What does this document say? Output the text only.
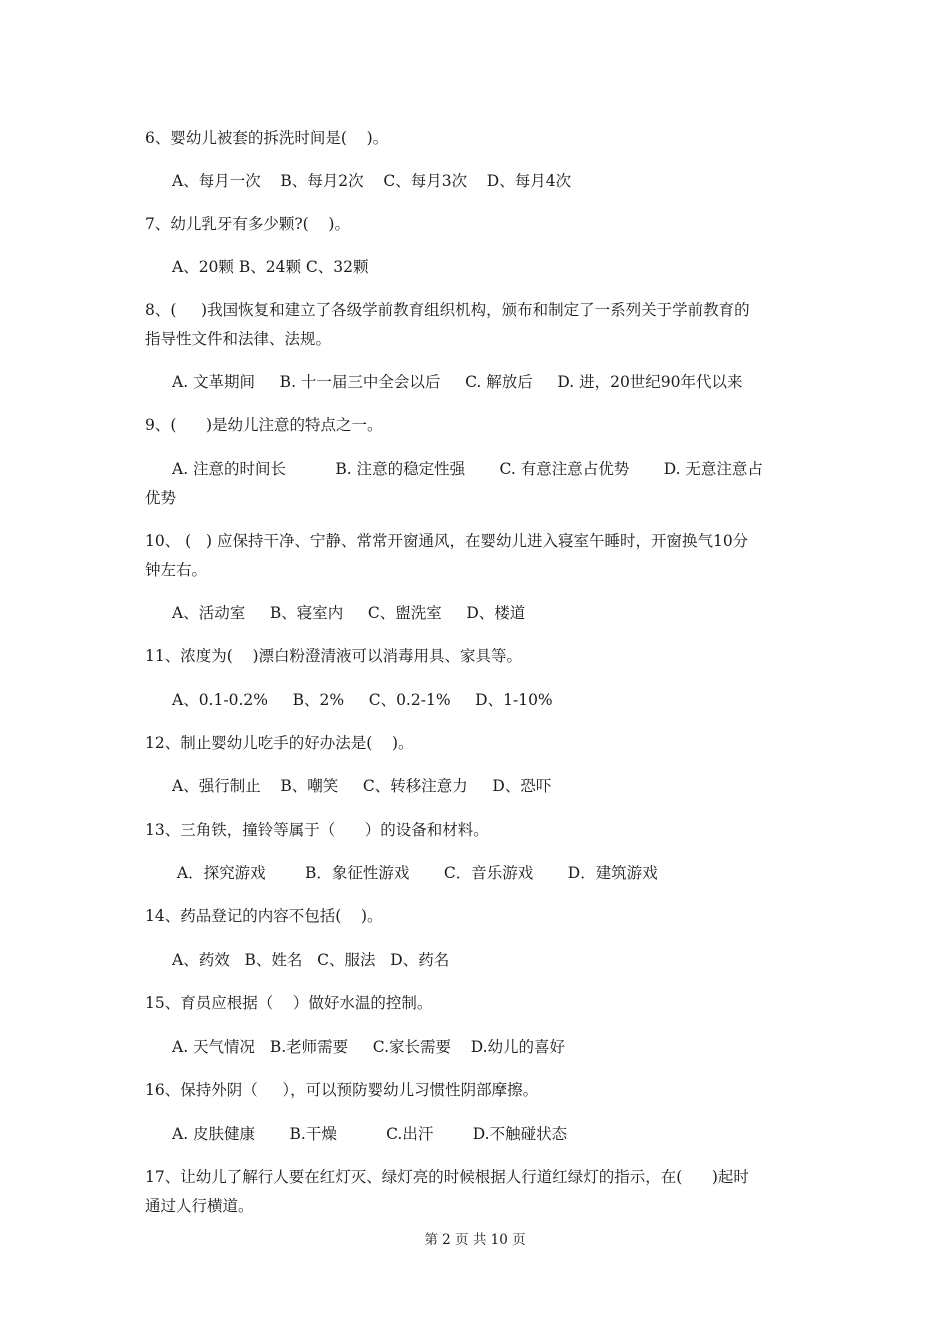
6、婴幼儿被套的拆洗时间是(    )。
A、每月一次    B、每月2次    C、每月3次    D、每月4次
7、幼儿乳牙有多少颗?(    )。
A、20颗 B、24颗 C、32颗
8、(     )我国恢复和建立了各级学前教育组织机构，颁布和制定了一系列关于学前教育的
指导性文件和法律、法规。
A. 文革期间     B. 十一届三中全会以后     C. 解放后     D. 进，20世纪90年代以来
9、(      )是幼儿注意的特点之一。
A. 注意的时间长          B. 注意的稳定性强       C. 有意注意占优势       D. 无意注意占
优势
10、 (   ) 应保持干净、宁静、常常开窗通风，在婴幼儿进入寝室午睡时，开窗换气10分
钟左右。
A、活动室     B、寝室内     C、盥洗室     D、楼道
11、浓度为(    )漂白粉澄清液可以消毒用具、家具等。
A、0.1-0.2%     B、2%     C、0.2-1%     D、1-10%
12、制止婴幼儿吃手的好办法是(    )。
A、强行制止    B、嘲笑     C、转移注意力     D、恐吓
13、三角铁，撞铃等属于（      ）的设备和材料。
A．探究游戏        B．象征性游戏       C．音乐游戏       D．建筑游戏
14、药品登记的内容不包括(    )。
A、药效   B、姓名   C、服法   D、药名
15、育员应根据（    ）做好水温的控制。
A. 天气情况   B.老师需要     C.家长需要    D.幼儿的喜好
16、保持外阴（     ），可以预防婴幼儿习惯性阴部摩擦。
A. 皮肤健康       B.干燥          C.出汗        D.不触碰状态
17、让幼儿了解行人要在红灯灭、绿灯亮的时候根据人行道红绿灯的指示，在(      )起时
通过人行横道。
第 2 页 共 10 页
